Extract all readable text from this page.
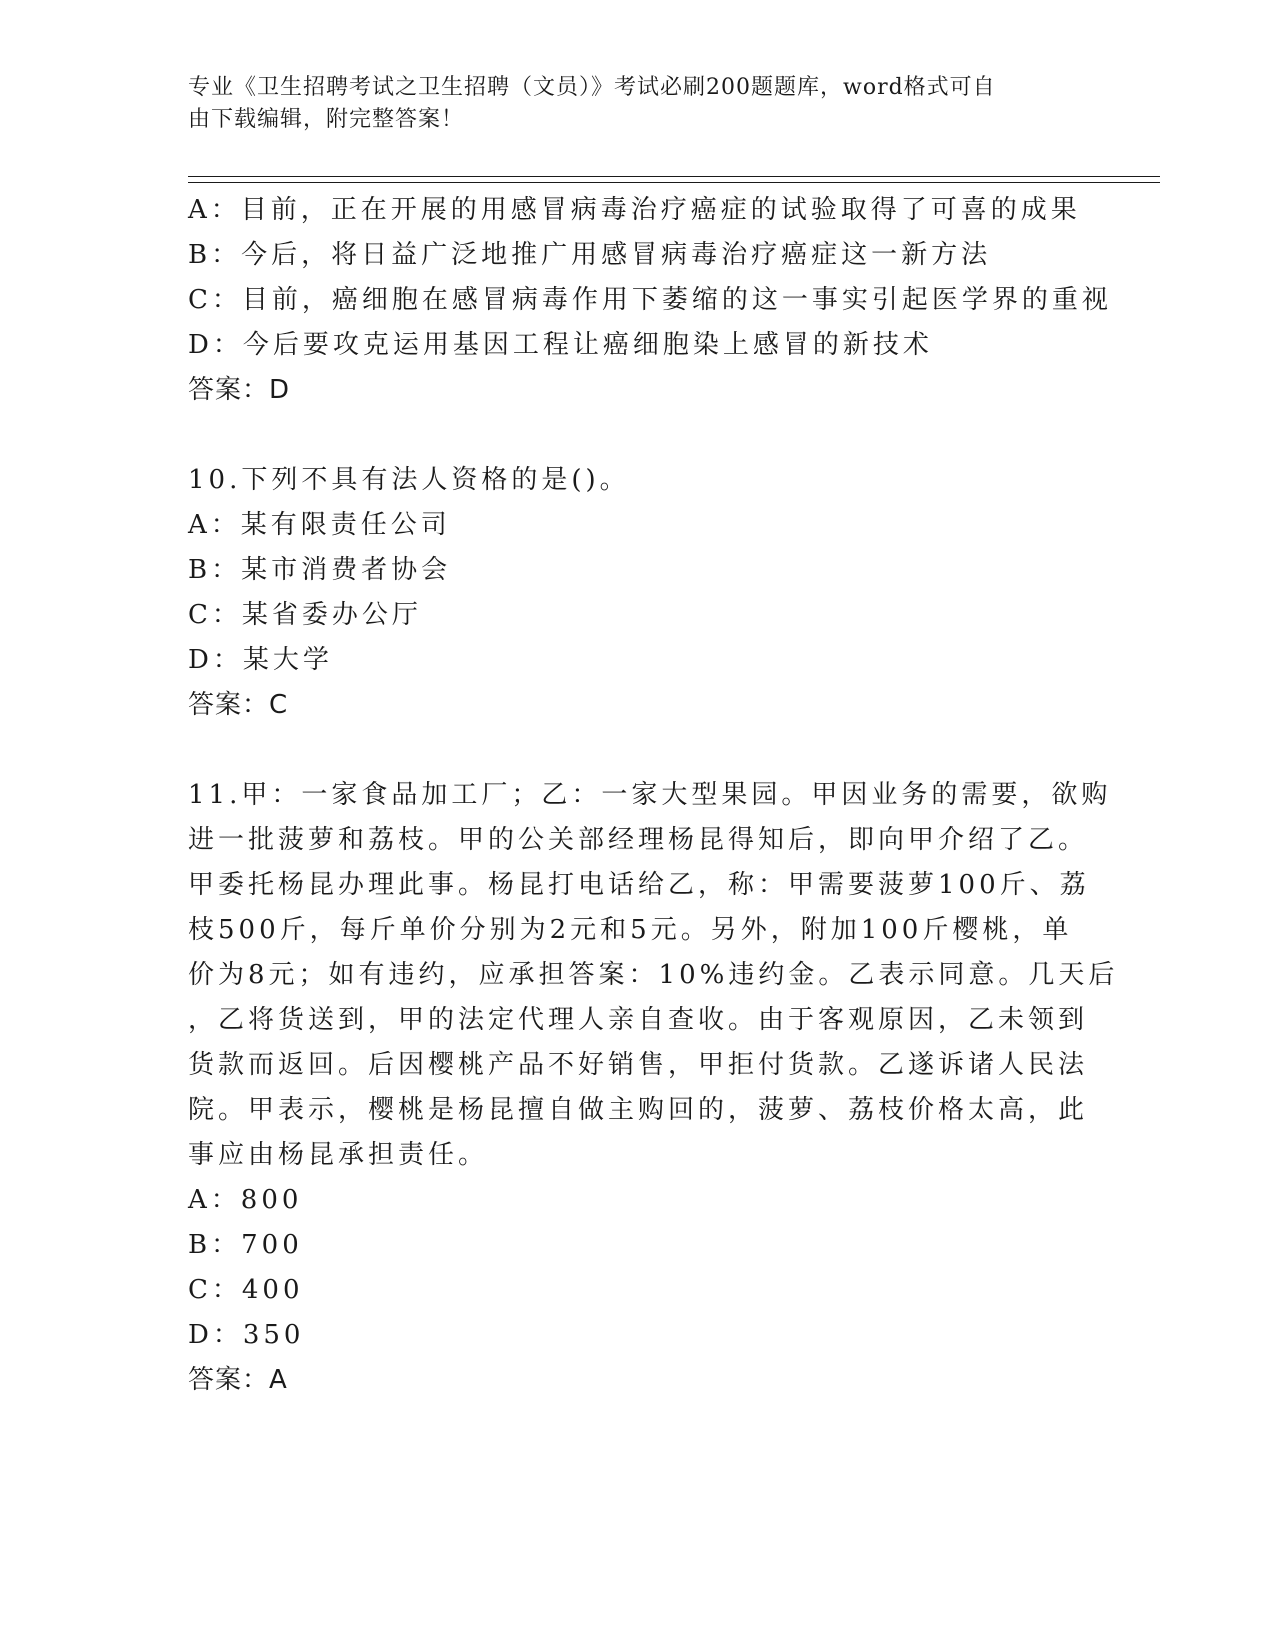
专业《卫生招聘考试之卫生招聘（文员）》考试必刷200题题库，word格式可自
由下载编辑，附完整答案！
A：目前，正在开展的用感冒病毒治疗癌症的试验取得了可喜的成果
B：今后，将日益广泛地推广用感冒病毒治疗癌症这一新方法
C：目前，癌细胞在感冒病毒作用下萎缩的这一事实引起医学界的重视
D：今后要攻克运用基因工程让癌细胞染上感冒的新技术
答案：D
10.下列不具有法人资格的是()。
A：某有限责任公司
B：某市消费者协会
C：某省委办公厅
D：某大学
答案：C
11.甲：一家食品加工厂；乙：一家大型果园。甲因业务的需要，欲购
进一批菠萝和荔枝。甲的公关部经理杨昆得知后，即向甲介绍了乙。
甲委托杨昆办理此事。杨昆打电话给乙，称：甲需要菠萝100斤、荔
枝500斤，每斤单价分别为2元和5元。另外，附加100斤樱桃，单
价为8元；如有违约，应承担答案：10%违约金。乙表示同意。几天后
，乙将货送到，甲的法定代理人亲自查收。由于客观原因，乙未领到
货款而返回。后因樱桃产品不好销售，甲拒付货款。乙遂诉诸人民法
院。甲表示，樱桃是杨昆擅自做主购回的，菠萝、荔枝价格太高，此
事应由杨昆承担责任。
A：800
B：700
C：400
D：350
答案：A
